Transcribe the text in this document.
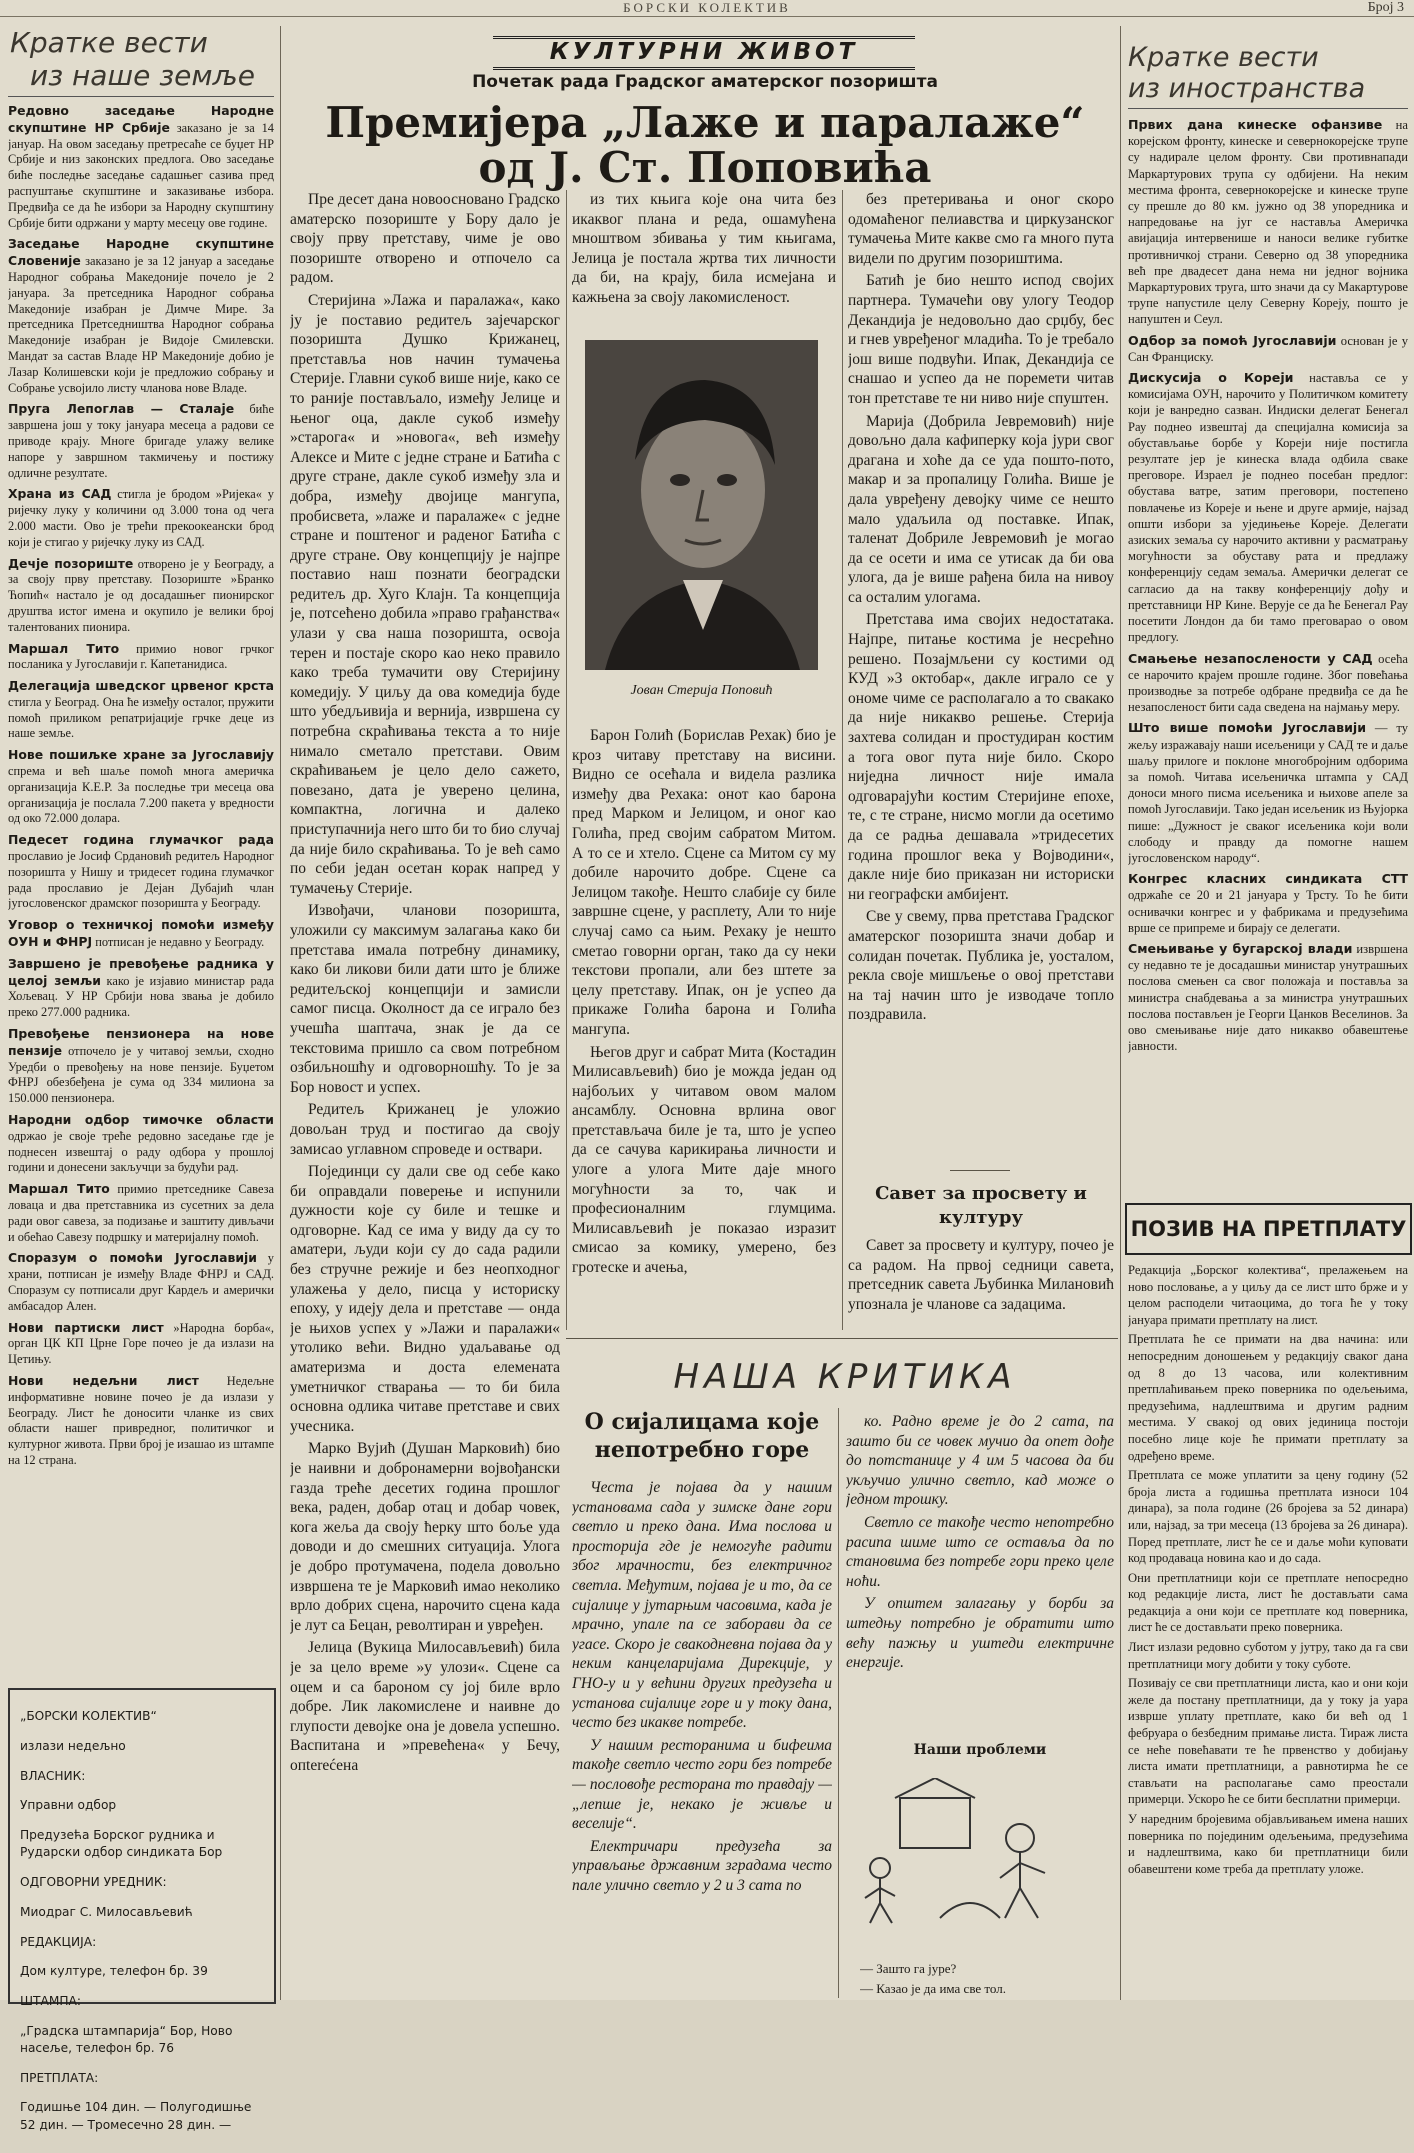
БОРСКИ КОЛЕКТИВ	Број 3
Кратке вести
из наше земље

Редовно заседање Народне скупштине НР Србије заказано је за 14 јануар. На овом заседању претресаће се буџет НР Србије и низ законских предлога. Ово заседање биће последње заседање садашњег сазива пред распуштање скупштине и заказивање избора. Предвиђа се да ће избори за Народну скупштину Србије бити одржани у марту месецу ове године.

Заседање Народне скупштине Словеније заказано је за 12 јануар а заседање Народног собрања Македоније почело је 2 јануара. За претседника Народног собрања Македоније изабран је Димче Мире. За претседника Претседништва Народног собрања Македоније изабран је Видоје Смилевски. Мандат за састав Владе НР Македоније добио је Лазар Колишевски који је предложио собрању и Собрање усвојило листу чланова нове Владе.

Пруга Лепоглав — Сталаје биће завршена још у току јануара месеца а радови се приводе крају. Многе бригаде улажу велике напоре у завршном такмичењу и постижу одличне резултате.

Храна из САД стигла је бродом »Ријека« у ријечку луку у количини од 3.000 тона од чега 2.000 масти. Ово је трећи прекоокеански брод који је стигао у ријечку луку из САД.

Дечје позориште отворено је у Београду, а за своју прву претставу. Позориште »Бранко Ћопић« настало је од досадашњег пионирског друштва истог имена и окупило је велики број талентованих пионира.

Маршал Тито примио новог грчког посланика у Југославији г. Капетанидиса.

Делегација шведског црвеног крста стигла у Београд. Она ће између осталог, пружити помоћ приликом репатријације грчке деце из наше земље.

Нове пошиљке хране за Југославију спрема и већ шаље помоћ многа америчка организација К.Е.Р. За последње три месеца ова организација је послала 7.200 пакета у вредности од око 72.000 долара.

Педесет година глумачког рада прославио је Јосиф Срдановић редитељ Народног позоришта у Нишу и тридесет година глумачког рада прославио је Дејан Дубајић члан југословенског драмског позоришта у Београду.

Уговор о техничкој помоћи између ОУН и ФНРЈ потписан је недавно у Београду.

Завршено је превођење радника у целој земљи како је изјавио министар рада Хољевац. У НР Србији нова звања је добило преко 277.000 радника.

Превођење пензионера на нове пензије отпочело је у читавој земљи, сходно Уредби о превођењу на нове пензије. Буџетом ФНРЈ обезбеђена је сума од 334 милиона за 150.000 пензионера.

Народни одбор тимочке области одржао је своје треће редовно заседање где је поднесен извештај о раду одбора у прошлој години и донесени закључци за будући рад.

Маршал Тито примио претседнике Савеза ловаца и два претставника из сусетних за дела ради овог савеза, за подизање и заштиту дивљачи и обећао Савезу подршку и материјалну помоћ.

Споразум о помоћи Југославији у храни, потписан је између Владе ФНРЈ и САД. Споразум су потписали друг Кардељ и амерички амбасадор Ален.

Нови партиски лист »Народна борба«, орган ЦК КП Црне Горе почео је да излази на Цетињу.

Нови недељни лист Недељне информативне новине почео је да излази у Београду. Лист ће доносити чланке из свих области нашег привредног, политичког и културног живота. Први број је изашао из штампе на 12 страна.

„БОРСКИ КОЛЕКТИВ“

излази недељно

ВЛАСНИК:

Управни одбор

Предузећа Борског рудника и Рударски одбор синдиката Бор

ОДГОВОРНИ УРЕДНИК:

Миодраг С. Милосављевић

РЕДАКЦИЈА:

Дом културе, телефон бр. 39

ШТАМПА:

„Градска штампарија“ Бор, Ново насеље, телефон бр. 76

ПРЕТПЛАТА:

Годишње 104 дин. — Полугодишње 52 дин. — Тромесечно 28 дин. —

КУЛТУРНИ ЖИВОТ
Почетак рада Градског аматерског позоришта
Премијера „Лаже и паралаже“ од Ј. Ст. Поповића

Пре десет дана новоосновано Градско аматерско позориште у Бору дало је своју прву претставу, чиме је ово позориште отворено и отпочело са радом.

Стеријина »Лажа и паралажа«, како ју је поставио редитељ зајечарског позоришта Душко Крижанец, претставља нов начин тумачења Стерије. Главни сукоб више није, како се то раније постављало, између Јелице и њеног оца, дакле сукоб између »старога« и »новога«, већ између Алексе и Мите с једне стране и Батића с друге стране, дакле сукоб између зла и добра, између двојице мангупа, пробисвета, »лаже и паралаже« с једне стране и поштеног и раденог Батића с друге стране. Ову концепцију је најпре поставио наш познати београдски редитељ др. Хуго Клајн. Та концепција је, потсећено добила »право грађанства« улази у сва наша позоришта, освоја терен и постаје скоро као неко правило како треба тумачити ову Стеријину комедију. У циљу да ова комедија буде што убедљивија и вернија, извршена су потребна скраћивања текста а то није нимало сметало претстави. Овим скраћивањем је цело дело сажето, повезано, дата је уверено целина, компактна, логична и далеко приступачнија него што би то био случај да није било скраћивања. То је већ само по себи један осетан корак напред у тумачењу Стерије.

Извођачи, чланови позоришта, уложили су максимум залагања како би претстава имала потребну динамику, како би ликови били дати што је ближе редитељској концепцији и замисли самог писца. Околност да се играло без учешћа шаптача, знак је да се текстовима пришло са свом потребном озбиљношћу и одговорношћу. То је за Бор новост и успех.

Редитељ Крижанец је уложио довољан труд и постигао да своју замисао углавном спроведе и оствари.

Појединци су дали све од себе како би оправдали поверење и испунили дужности које су биле и тешке и одговорне. Кад се има у виду да су то аматери, људи који су до сада радили без стручне режије и без неопходног улажења у дело, писца у историску епоху, у идеју дела и претставе — онда је њихов успех у »Лажи и паралажи« утолико већи. Видно удаљавање од аматеризма и доста елемената уметничког стварања — то би била основна одлика читаве претставе и свих учесника.

Марко Вујић (Душан Марковић) био је наивни и добронамерни војвођански газда треће десетих година прошлог века, раден, добар отац и добар човек, кога жеља да своју ћерку што боље уда доводи и до смешних ситуација. Улога је добро протумачена, подела довољно извршена те је Марковић имао неколико врло добрих сцена, нарочито сцена када је лут са Бецан, револтиран и увређен.

Јелица (Вукица Милосављевић) била је за цело време »у улози«. Сцене са оцем и са бароном су јој биле врло добре. Лик лакомислене и наивне до глупости девојке она је довела успешно. Васпитана и »превећена« у Бечу, опterećена

из тих књига које она чита без икаквог плана и реда, ошамућена мноштвом збивања у тим књигама, Јелица је постала жртва тих личности да би, на крају, била исмејана и кажњена за своју лакомисленост.

Јован Стерија Поповић

Барон Голић (Борислав Рехак) био је кроз читаву претставу на висини. Видно се осећала и видела разлика између два Рехака: онот као барона пред Марком и Јелицом, и оног као Голића, пред својим сабратом Митом. А то се и хтело. Сцене са Митом су му добиле нарочито добре. Сцене са Јелицом такође. Нешто слабије су биле завршне сцене, у расплету, Али то није случај само са њим. Рехаку је нешто сметао говорни орган, тако да су неки текстови пропали, али без штете за целу претставу. Ипак, он је успео да прикаже Голића барона и Голића мангупа.

Његов друг и сабрат Мита (Костадин Милисављевић) био је можда један од најбољих у читавом овом малом ансамблу. Основна врлина овог претстављача биле је та, што је успео да се сачува карикирања личности и улоге а улога Мите даје много могућности за то, чак и професионалним глумцима. Милисављевић је показао изразит смисао за комику, умерено, без гротеске и ачења,

без претеривања и оног скоро одомаћеног пелиавства и циркузанског тумачења Мите какве смо га много пута видели по другим позориштима.

Батић је био нешто испод својих партнера. Тумачећи ову улогу Теодор Декандија је недовољно дао срџбу, бес и гнев увређеног младића. То је требало још више подвући. Ипак, Декандија се снашао и успео да не поремети читав тон претставе те ни ниво није спуштен.

Марија (Добрила Јевремовић) није довољно дала кафиперку која јури свог драгана и хоће да се уда пошто-пото, макар и за пропалицу Голића. Више је дала увређену девојку чиме се нешто мало удаљила од поставке. Ипак, таленат Добриле Јевремовић је могао да се осети и има се утисак да би ова улога, да је више рађена била на нивоу са осталим улогама.

Претстава има својих недостатака. Најпре, питање костима је несрећно решено. Позајмљени су костими од КУД »3 октобар«, дакле играло се у ономе чиме се располагало а то свакако да није никакво решење. Стерија захтева солидан и простудиран костим а тога овог пута није било. Скоро ниједна личност није имала одговарајући костим Стеријине епохе, те, с те стране, нисмо могли да осетимо да се радња дешавала »тридесетих година прошлог века у Војводини«, дакле није био приказан ни историски ни географски амбијент.

Све у свему, прва претстава Градског аматерског позоришта значи добар и солидан почетак. Публика је, уосталом, рекла своје мишљење о овој претстави на тај начин што је изводаче топло поздравила.

Савет за просвету и културу

Савет за просвету и културу, почео је са радом. На првој седници савета, претседник савета Љубинка Милановић упознала је чланове са задацима.

НАША КРИТИКА
О сијалицама које непотребно горе

Честа је појава да у нашим установама сада у зимске дане гори светло и преко дана. Има послова и просторија где је немогуће радити због мрачности, без електричног светла. Међутим, појава је и то, да се сијалице у јутарњим часовима, када је мрачно, упале па се заборави да се угасе. Скоро је свакодневна појава да у неким канцеларијама Дирекције, у ГНО-у и у већини других предузећа и установа сијалице горе и у току дана, често без икакве потребе.

У нашим ресторанима и бифеима такође светло често гори без потребе — пословође ресторана то правдају — „лепше је, некако је живље и веселије“.

Електричари предузећа за управљање државним зградама често пале улично светло у 2 и 3 сата по

ко. Радно време је до 2 сата, па зашто би се човек мучио да опет дође до потстанице у 4 им 5 часова да би укључио улично светло, кад може о једном трошку.

Светло се такође често непотребно расипа шиме што се оставља да по становима без потребе гори преко целе ноћи.

У општем залагању у борби за штедњу потребно је обратити што већу пажњу и уштеди електричне енергије.

Наши проблеми

— Зашто га јуре?

— Казао је да има све тол.

Кратке вести
из иностранства

Првих дана кинеске офанзиве на корејском фронту, кинеске и севернокорејске трупе су надирале целом фронту. Сви противнапади Маркартурових трупа су одбијени. На неким местима фронта, севернокорејске и кинеске трупе су прешле до 80 км. јужно од 38 упоредника и напредовање на југ се наставља Америчка авијација интервенише и наноси велике губитке противничкој страни. Северно од 38 упоредника већ пре двадесет дана нема ни једног војника Маркартурових труга, што значи да су Макартурове трупе напустиле целу Северну Кореју, пошто је напуштен и Сеул.

Одбор за помоћ Југославији основан је у Сан Франциску.

Дискусија о Кореји наставља се у комисијама ОУН, нарочито у Политичком комитету који је ванредно сазван. Индиски делегат Бенегал Рау поднео извештај да специјална комисија за обустављање борбе у Кореји није постигла резултате јер је кинеска влада одбила сваке преговоре. Израел је поднео посебан предлог: обустава ватре, затим преговори, постепено повлачење из Кореје и њене и друге армије, најзад општи избори за уједињење Кореје. Делегати азиских земаља су нарочито активни у расматрању могућности за обуставу рата и предлажу конференцију седам земаља. Амерички делегат се сагласио да на такву конференцију дођу и претставници НР Кине. Верује се да ће Бенегал Рау посетити Лондон да би тамо преговарао о овом предлогу.

Смањење незапослености у САД осећа се нарочито крајем прошле године. Због повећања производње за потребе одбране предвиђа се да ће незапосленост бити сада сведена на најмању меру.

Што више помоћи Југославији — ту жељу изражавају наши исељеници у САД те и даље шаљу прилоге и поклоне многобројним одборима за помоћ. Читава исељеничка штампа у САД доноси много писма исељеника и њихове апеле за помоћ Југославији. Тако један исељеник из Њујорка пише: „Дужност је сваког исељеника који воли слободу и правду да помогне нашем југословенском народу“.

Конгрес класних синдиката СТТ одржаће се 20 и 21 јануара у Трсту. То ће бити оснивачки конгрес и у фабрикама и предузећима врше се припреме и бирају се делегати.

Смењивање у бугарској влади извршена су недавно те је досадашњи министар унутрашњих послова смењен са свог положаја и поставља за министра снабдевања а за министра унутрашњих послова постављен је Георги Цанков Веселинов. За ово смењивање није дато никакво обавештење јавности.

ПОЗИВ НА ПРЕТПЛАТУ

Редакција „Борског колектива“, прелажењем на ново пословање, а у циљу да се лист што брже и у целом расподели читаоцима, до тога ће у току јануара примати претплату на лист.

Претплата ће се примати на два начина: или непосредним доношењем у редакцију сваког дана од 8 до 13 часова, или колективним претплаћивањем преко поверника по одељењима, предузећима, надлештвима и другим радним местима. У свакој од ових јединица постоји посебно лице које ће примати претплату за одређено време.

Претплата се може уплатити за цену годину (52 броја листа а годишња претплата износи 104 динара), за пола године (26 бројева за 52 динара) или, најзад, за три месеца (13 бројева за 26 динара). Поред претплате, лист ће се и даље моћи куповати код продаваца новина као и до сада.

Они претплатници који се претплате непосредно код редакције листа, лист ће достављати сама редакција а они који се претплате код поверника, лист ће се достављати преко поверника.

Лист излази редовно суботом у јутру, тако да га сви претплатници могу добити у току суботе.

Позивају се сви претплатници листа, као и они који желе да постану претплатници, да у току ја уара изврше уплату претплате, како би већ од 1 фебруара о безбедним примање листа. Тираж листа се неће повећавати те ће првенство у добијању листа имати претплатници, а равнотирма ће се стављати на располагање само преостали примерци. Ускоро ће се бити бесплатни примерци.

У наредним бројевима објављивањем имена наших поверника по појединим одељењима, предузећима и надлештвима, како би претплатници били обавештени коме треба да претплату уложе.
